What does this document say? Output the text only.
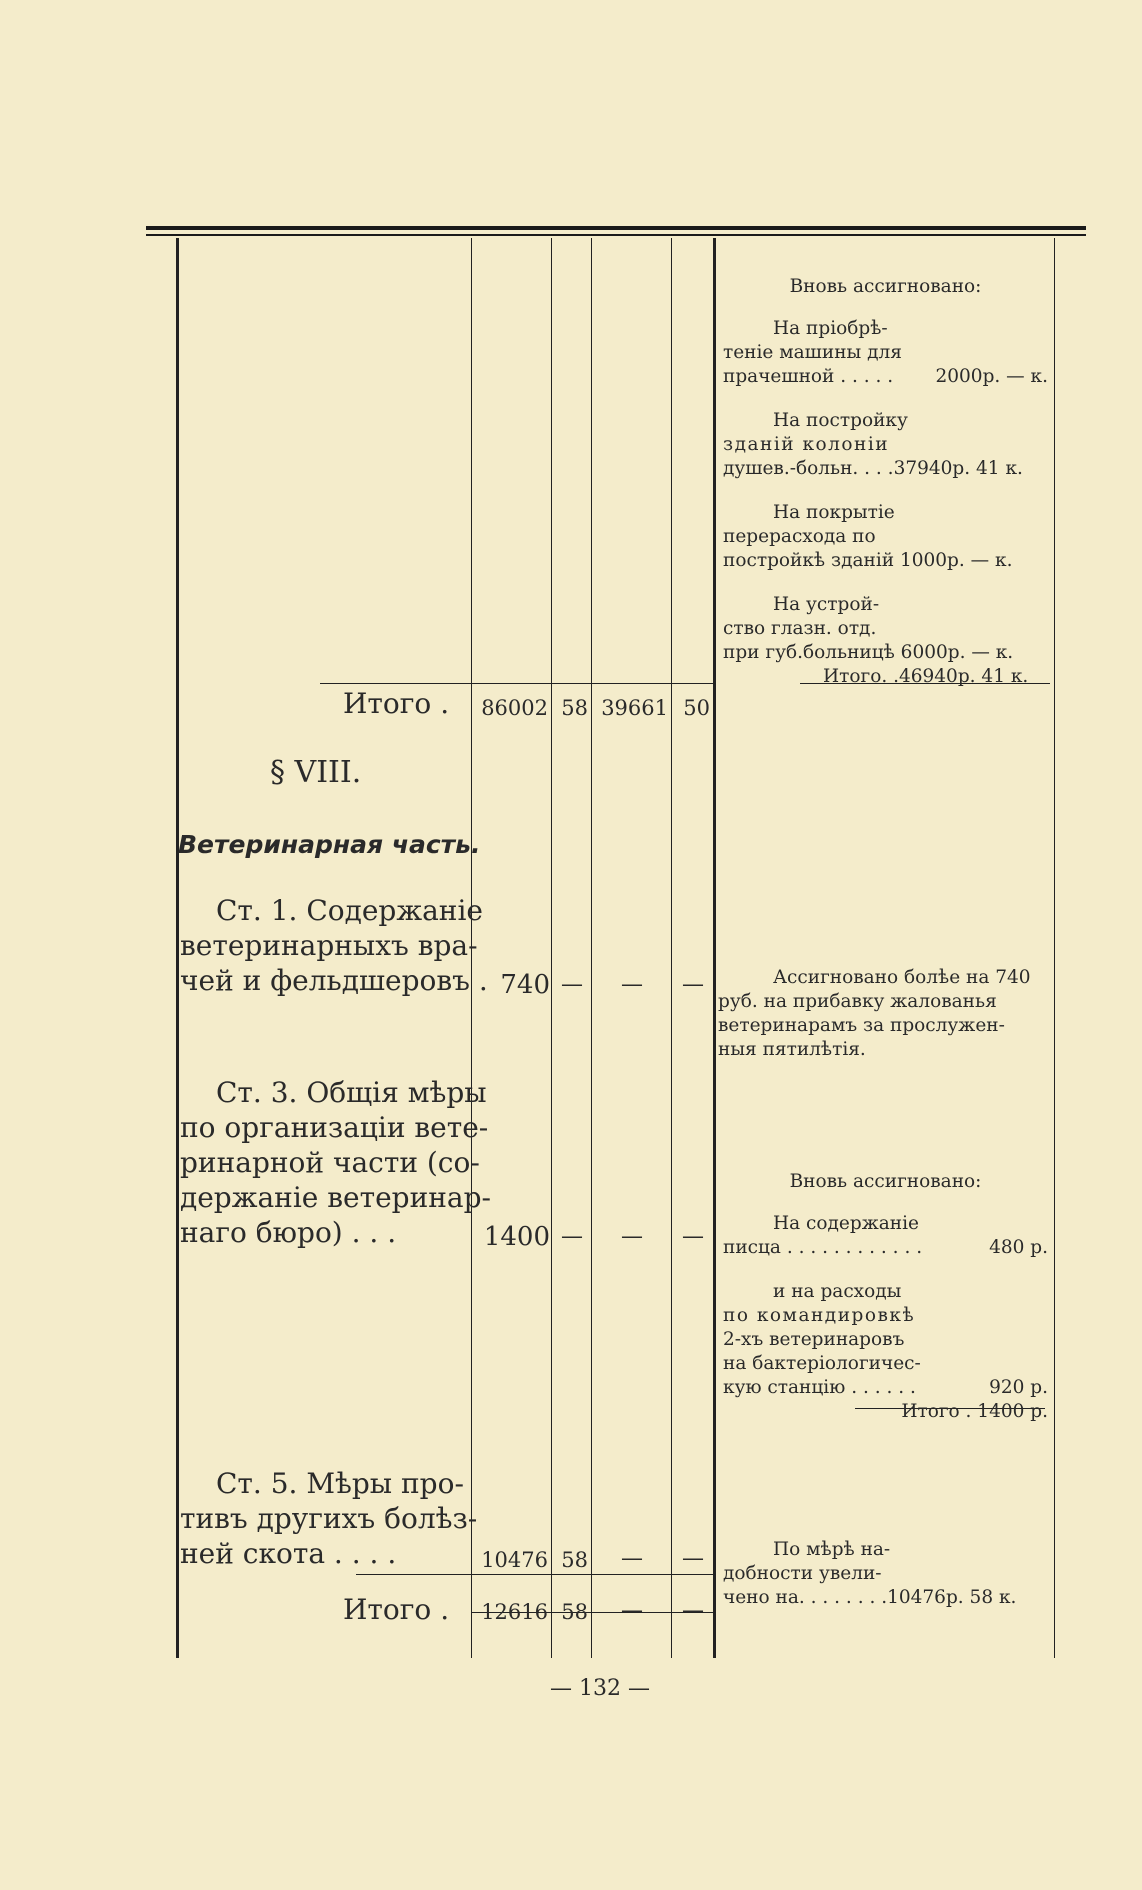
Итого .	86002 58 39661 50
§ VIII.
Ветеринарная часть.
Ст. 1. Содержаніе
ветеринарныхъ вра-
чей и фельдшеровъ . 740 —	—	—
Ст. 3. Общія мѣры
по организаціи вете-
ринарной части (со-
держаніе ветеринар-
наго бюро) . . .	1400 —	—	—
Ст. 5. Мѣры про-
тивъ другихъ болѣз-
ней скота . . . .	10476 58	—	—
Итого .	12616 58	—	—
Вновь ассигновано:
На пріобрѣ-
теніе машины для
прачешной . . . . . 2000р. — к.
На постройку
зданій колоніи
душев.-больн. . . .37940р. 41 к.
На покрытіе
перерасхода по
постройкѣ зданій 1000р. — к.
На устрой-
ство глазн. отд.
при губ.больницѣ 6000р. — к.
Итого. .46940р. 41 к.
Ассигновано болѣе на 740
руб. на прибавку жалованья
ветеринарамъ за прослужен-
ныя пятилѣтія.
Вновь ассигновано:
На содержаніе
писца . . . . . . . . . . . .	480 р.
и на расходы
по командировкѣ
2-хъ ветеринаровъ
на бактеріологичес-
кую станцію . . . . . .	920 р.
Итого . 1400 р.
По мѣрѣ на-
добности увели-
чено на. . . . . . . .10476р. 58 к.
— 132 —
